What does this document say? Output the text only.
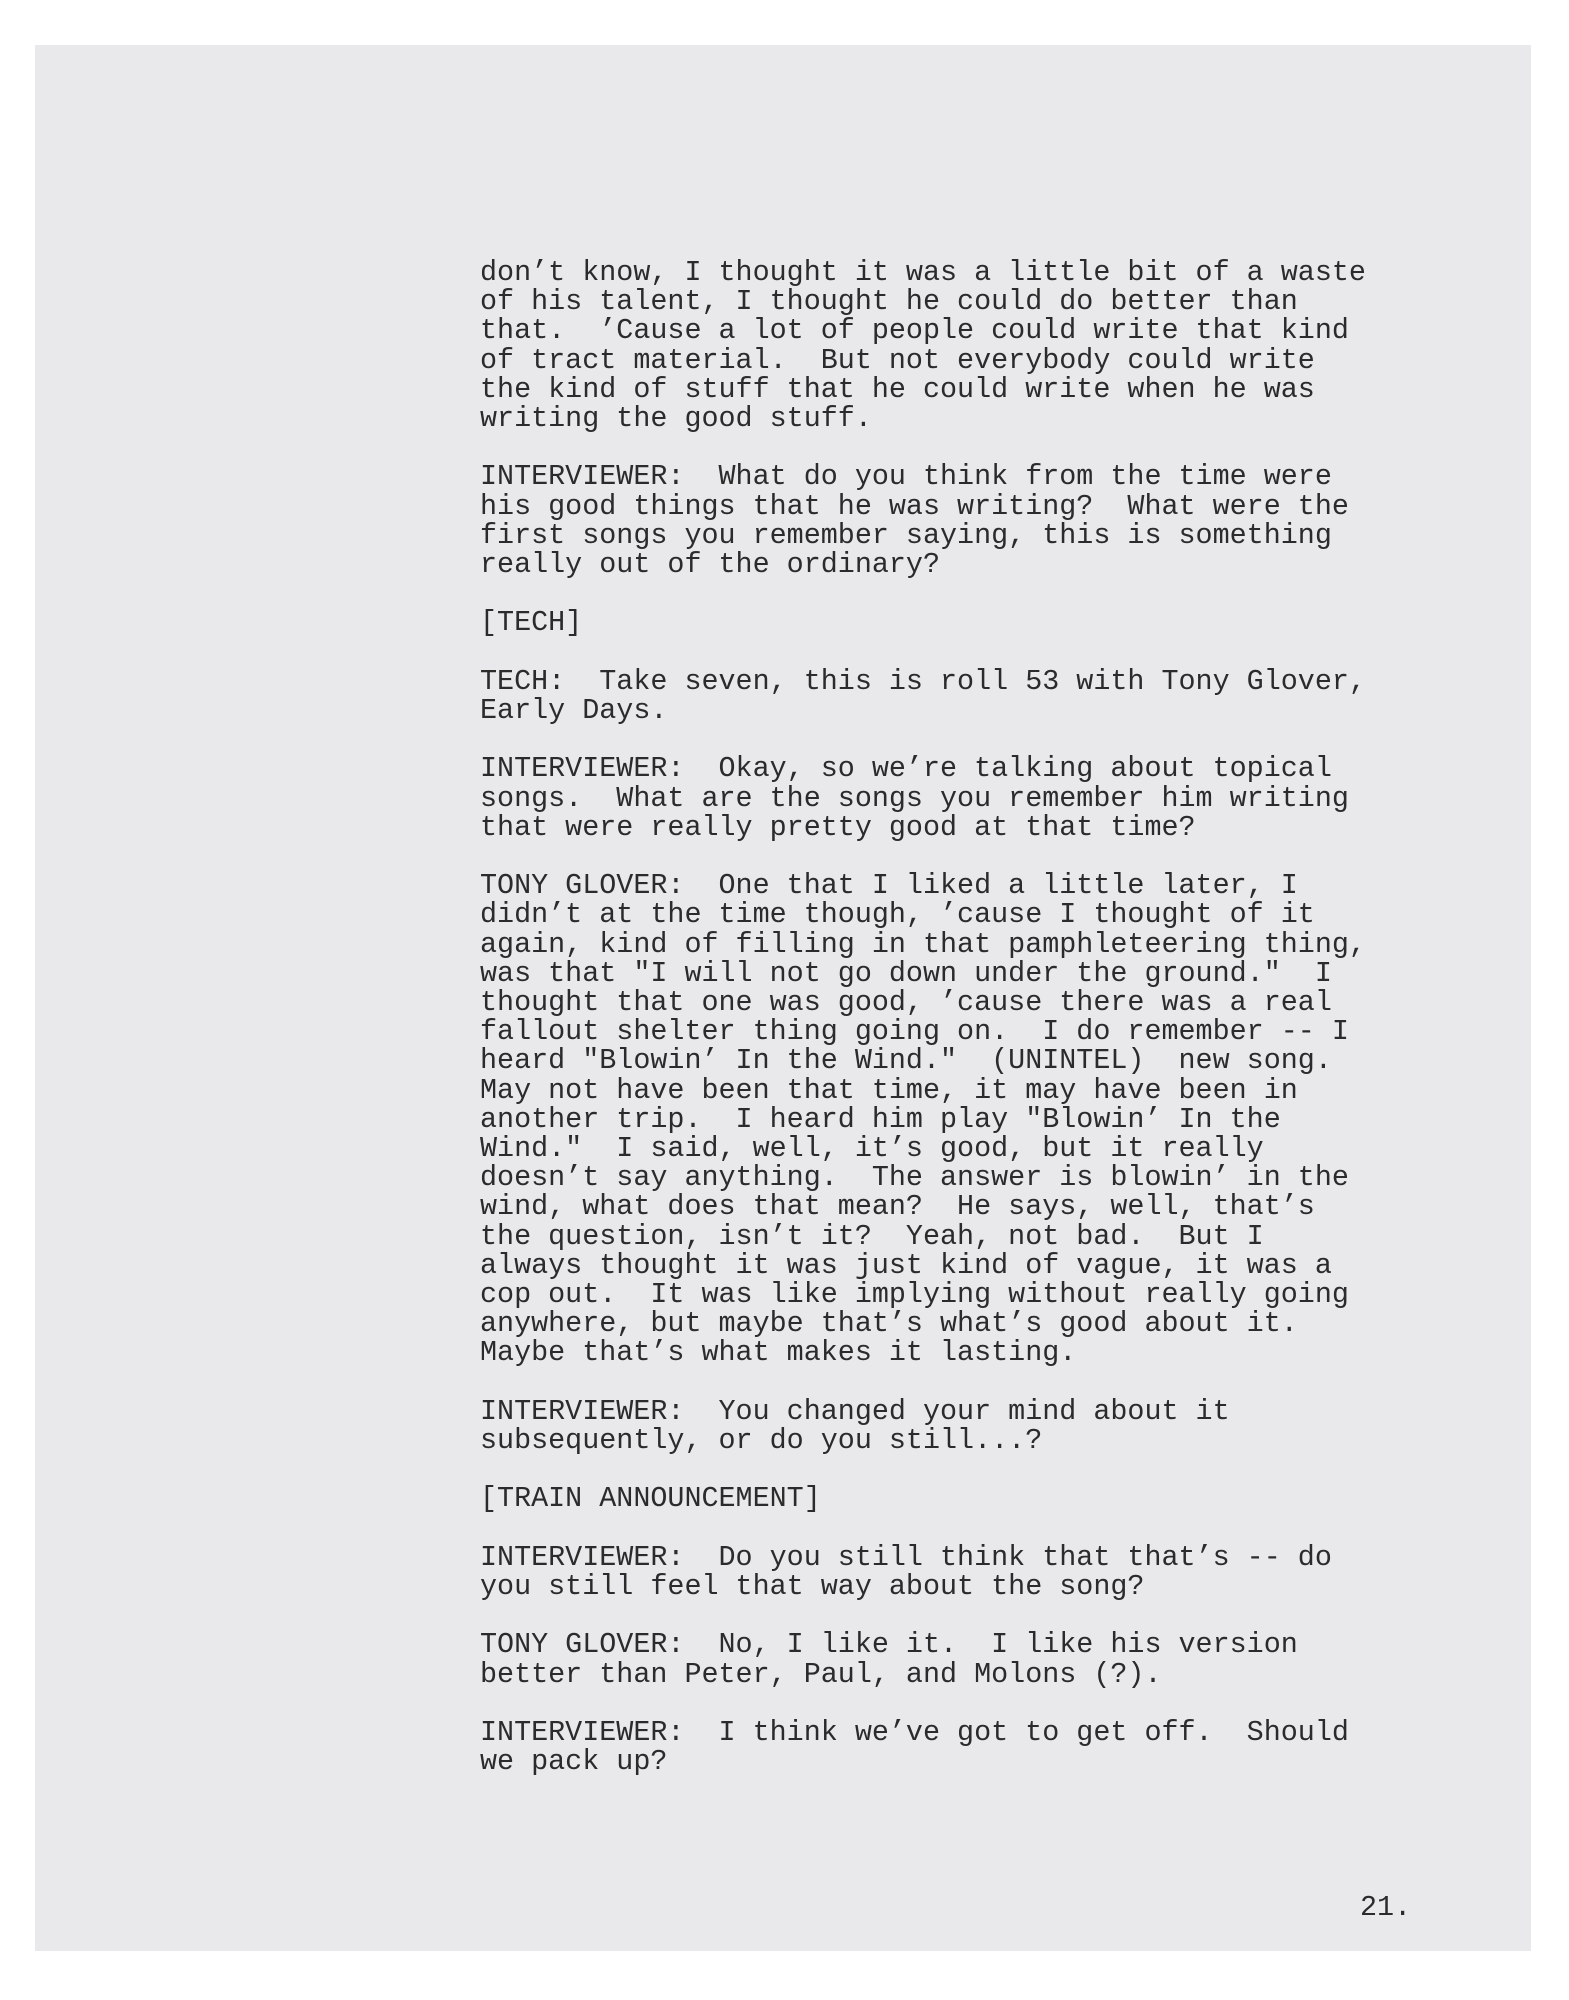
don’t know, I thought it was a little bit of a waste
of his talent, I thought he could do better than
that.  ’Cause a lot of people could write that kind
of tract material.  But not everybody could write
the kind of stuff that he could write when he was
writing the good stuff.
INTERVIEWER:  What do you think from the time were
his good things that he was writing?  What were the
first songs you remember saying, this is something
really out of the ordinary?
[TECH]
TECH:  Take seven, this is roll 53 with Tony Glover,
Early Days.
INTERVIEWER:  Okay, so we’re talking about topical
songs.  What are the songs you remember him writing
that were really pretty good at that time?
TONY GLOVER:  One that I liked a little later, I
didn’t at the time though, ’cause I thought of it
again, kind of filling in that pamphleteering thing,
was that "I will not go down under the ground."  I
thought that one was good, ’cause there was a real
fallout shelter thing going on.  I do remember -- I
heard "Blowin’ In the Wind."  (UNINTEL)  new song.
May not have been that time, it may have been in
another trip.  I heard him play "Blowin’ In the
Wind."  I said, well, it’s good, but it really
doesn’t say anything.  The answer is blowin’ in the
wind, what does that mean?  He says, well, that’s
the question, isn’t it?  Yeah, not bad.  But I
always thought it was just kind of vague, it was a
cop out.  It was like implying without really going
anywhere, but maybe that’s what’s good about it.
Maybe that’s what makes it lasting.
INTERVIEWER:  You changed your mind about it
subsequently, or do you still...?
[TRAIN ANNOUNCEMENT]
INTERVIEWER:  Do you still think that that’s -- do
you still feel that way about the song?
TONY GLOVER:  No, I like it.  I like his version
better than Peter, Paul, and Molons (?).
INTERVIEWER:  I think we’ve got to get off.  Should
we pack up?
21.
